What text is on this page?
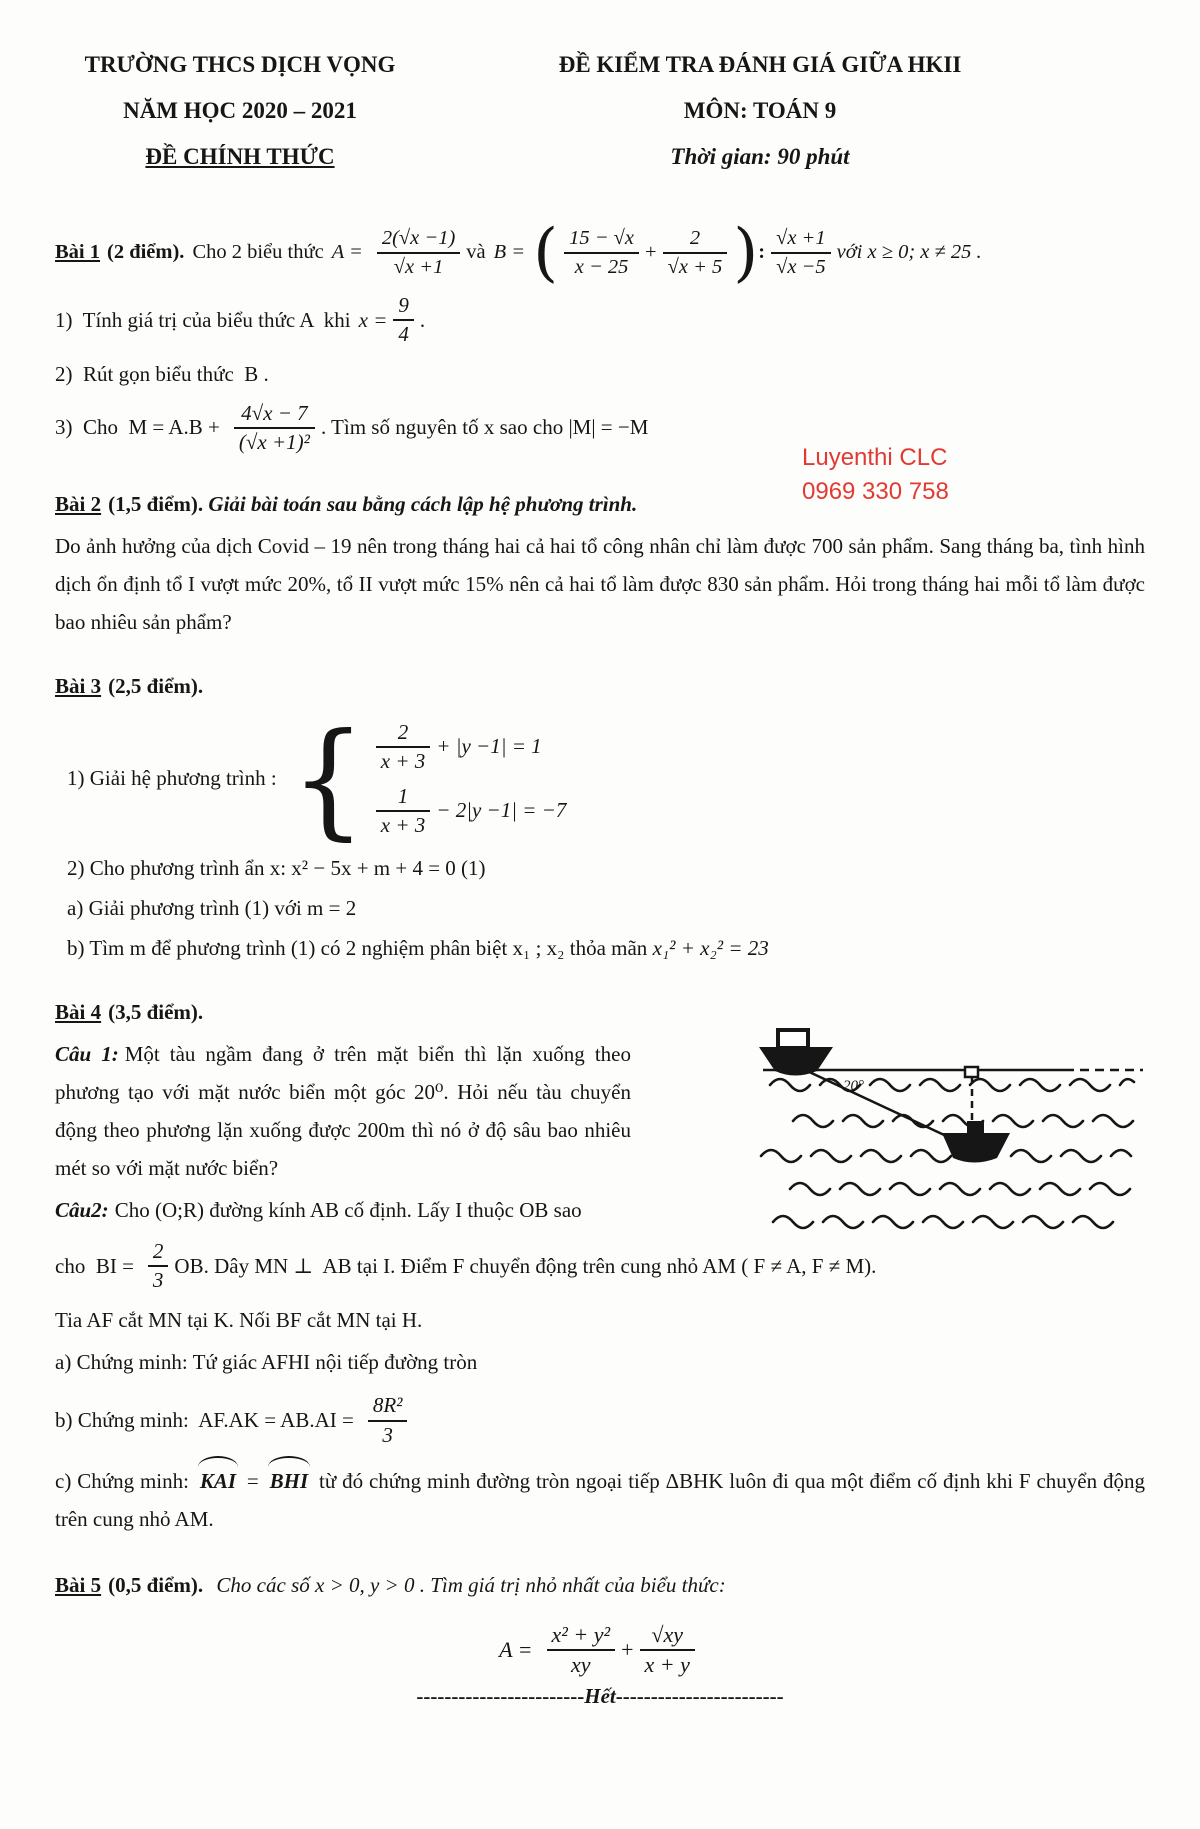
TRƯỜNG THCS DỊCH VỌNG
NĂM HỌC 2020 – 2021
ĐỀ CHÍNH THỨC
ĐỀ KIỂM TRA ĐÁNH GIÁ GIỮA HKII
MÔN: TOÁN 9
Thời gian: 90 phút
Luyenthi CLC
0969 330 758
Bài 1 (2 điểm). Cho 2 biểu thức $A = \frac{2(√x -1)}{√x +1}$ và B = ( $\frac{15 - √x}{x - 25} + \frac{2}{√x + 5}$ ) : $\frac{√x +1}{√x -5}$ với x ≥ 0; x ≠ 25 .
1)  Tính giá trị của biểu thức A  khi $x = \frac{9}{4}$ .
2)  Rút gọn biểu thức  B .
3)  Cho  $M = A.B + \frac{4√x - 7}{\text{(√x +1)²}}$ . Tìm số nguyên tố x sao cho |M| = −M

Bài 2 (1,5 điểm). Giải bài toán sau bằng cách lập hệ phương trình.

Do ảnh hưởng của dịch Covid – 19 nên trong tháng hai cả hai tổ công nhân chỉ làm được 700 sản phẩm. Sang tháng ba, tình hình dịch ổn định tổ I vượt mức 20%, tổ II vượt mức 15% nên cả hai tổ làm được 830 sản phẩm. Hỏi trong tháng hai mỗi tổ làm được bao nhiêu sản phẩm?

Bài 3 (2,5 điểm).

1) Giải hệ phương trình : { $\frac{2}{x + 3} + |y -1| = 1$
$\frac{1}{x + 3} - 2|y -1| = -7$

2) Cho phương trình ẩn x: x² − 5x + m + 4 = 0 (1)

a) Giải phương trình (1) với m = 2

b) Tìm m để phương trình (1) có 2 nghiệm phân biệt x₁ ; x₂ thỏa mãn x₁² + x₂² = 23

Bài 4 (3,5 điểm).

20°

Câu 1: Một tàu ngầm đang ở trên mặt biển thì lặn xuống theo phương tạo với mặt nước biển một góc 20⁰. Hỏi nếu tàu chuyển động theo phương lặn xuống được 200m thì nó ở độ sâu bao nhiêu mét so với mặt nước biển?

Câu2: Cho (O;R) đường kính AB cố định. Lấy I thuộc OB sao

cho  BI = $\frac{2}{3}$ OB. Dây MN ⊥  AB tại I. Điểm F chuyển động trên cung nhỏ AM ( F ≠ A, F ≠ M).

Tia AF cắt MN tại K. Nối BF cắt MN tại H.

a) Chứng minh: Tứ giác AFHI nội tiếp đường tròn

b) Chứng minh:  $AF.AK = AB.AI = \frac{\text{8R²}}{3}$

c) Chứng minh: KAI = BHI từ đó chứng minh đường tròn ngoại tiếp ΔBHK luôn đi qua một điểm cố định khi F chuyển động trên cung nhỏ AM.

Bài 5 (0,5 điểm). Cho các số x > 0, y > 0 . Tìm giá trị nhỏ nhất của biểu thức:

$A = \frac{\text{x² + y²}}{xy} + \frac{√xy}{x + y}$
------------------------Hết------------------------
